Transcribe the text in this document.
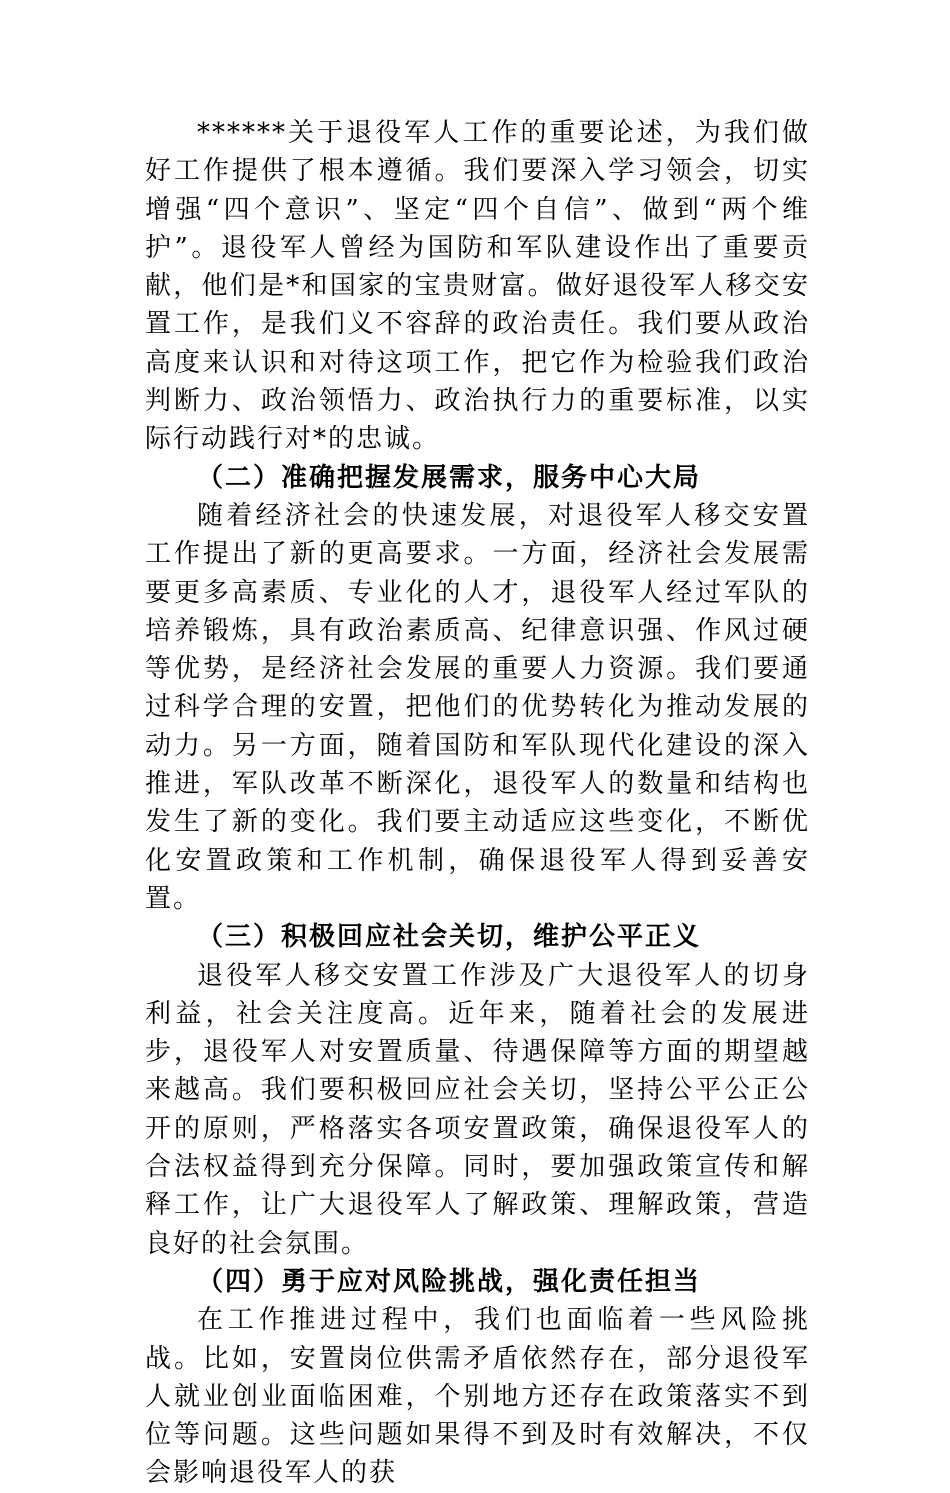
******关于退役军人工作的重要论述，为我们做好工作提供了根本遵循。我们要深入学习领会，切实增强“四个意识”、坚定“四个自信”、做到“两个维护”。退役军人曾经为国防和军队建设作出了重要贡献，他们是*和国家的宝贵财富。做好退役军人移交安置工作，是我们义不容辞的政治责任。我们要从政治高度来认识和对待这项工作，把它作为检验我们政治判断力、政治领悟力、政治执行力的重要标准，以实际行动践行对*的忠诚。

（二）准确把握发展需求，服务中心大局

随着经济社会的快速发展，对退役军人移交安置工作提出了新的更高要求。一方面，经济社会发展需要更多高素质、专业化的人才，退役军人经过军队的培养锻炼，具有政治素质高、纪律意识强、作风过硬等优势，是经济社会发展的重要人力资源。我们要通过科学合理的安置，把他们的优势转化为推动发展的动力。另一方面，随着国防和军队现代化建设的深入推进，军队改革不断深化，退役军人的数量和结构也发生了新的变化。我们要主动适应这些变化，不断优化安置政策和工作机制，确保退役军人得到妥善安置。

（三）积极回应社会关切，维护公平正义

退役军人移交安置工作涉及广大退役军人的切身利益，社会关注度高。近年来，随着社会的发展进步，退役军人对安置质量、待遇保障等方面的期望越来越高。我们要积极回应社会关切，坚持公平公正公开的原则，严格落实各项安置政策，确保退役军人的合法权益得到充分保障。同时，要加强政策宣传和解释工作，让广大退役军人了解政策、理解政策，营造良好的社会氛围。

（四）勇于应对风险挑战，强化责任担当

在工作推进过程中，我们也面临着一些风险挑战。比如，安置岗位供需矛盾依然存在，部分退役军人就业创业面临困难，个别地方还存在政策落实不到位等问题。这些问题如果得不到及时有效解决，不仅会影响退役军人的获
